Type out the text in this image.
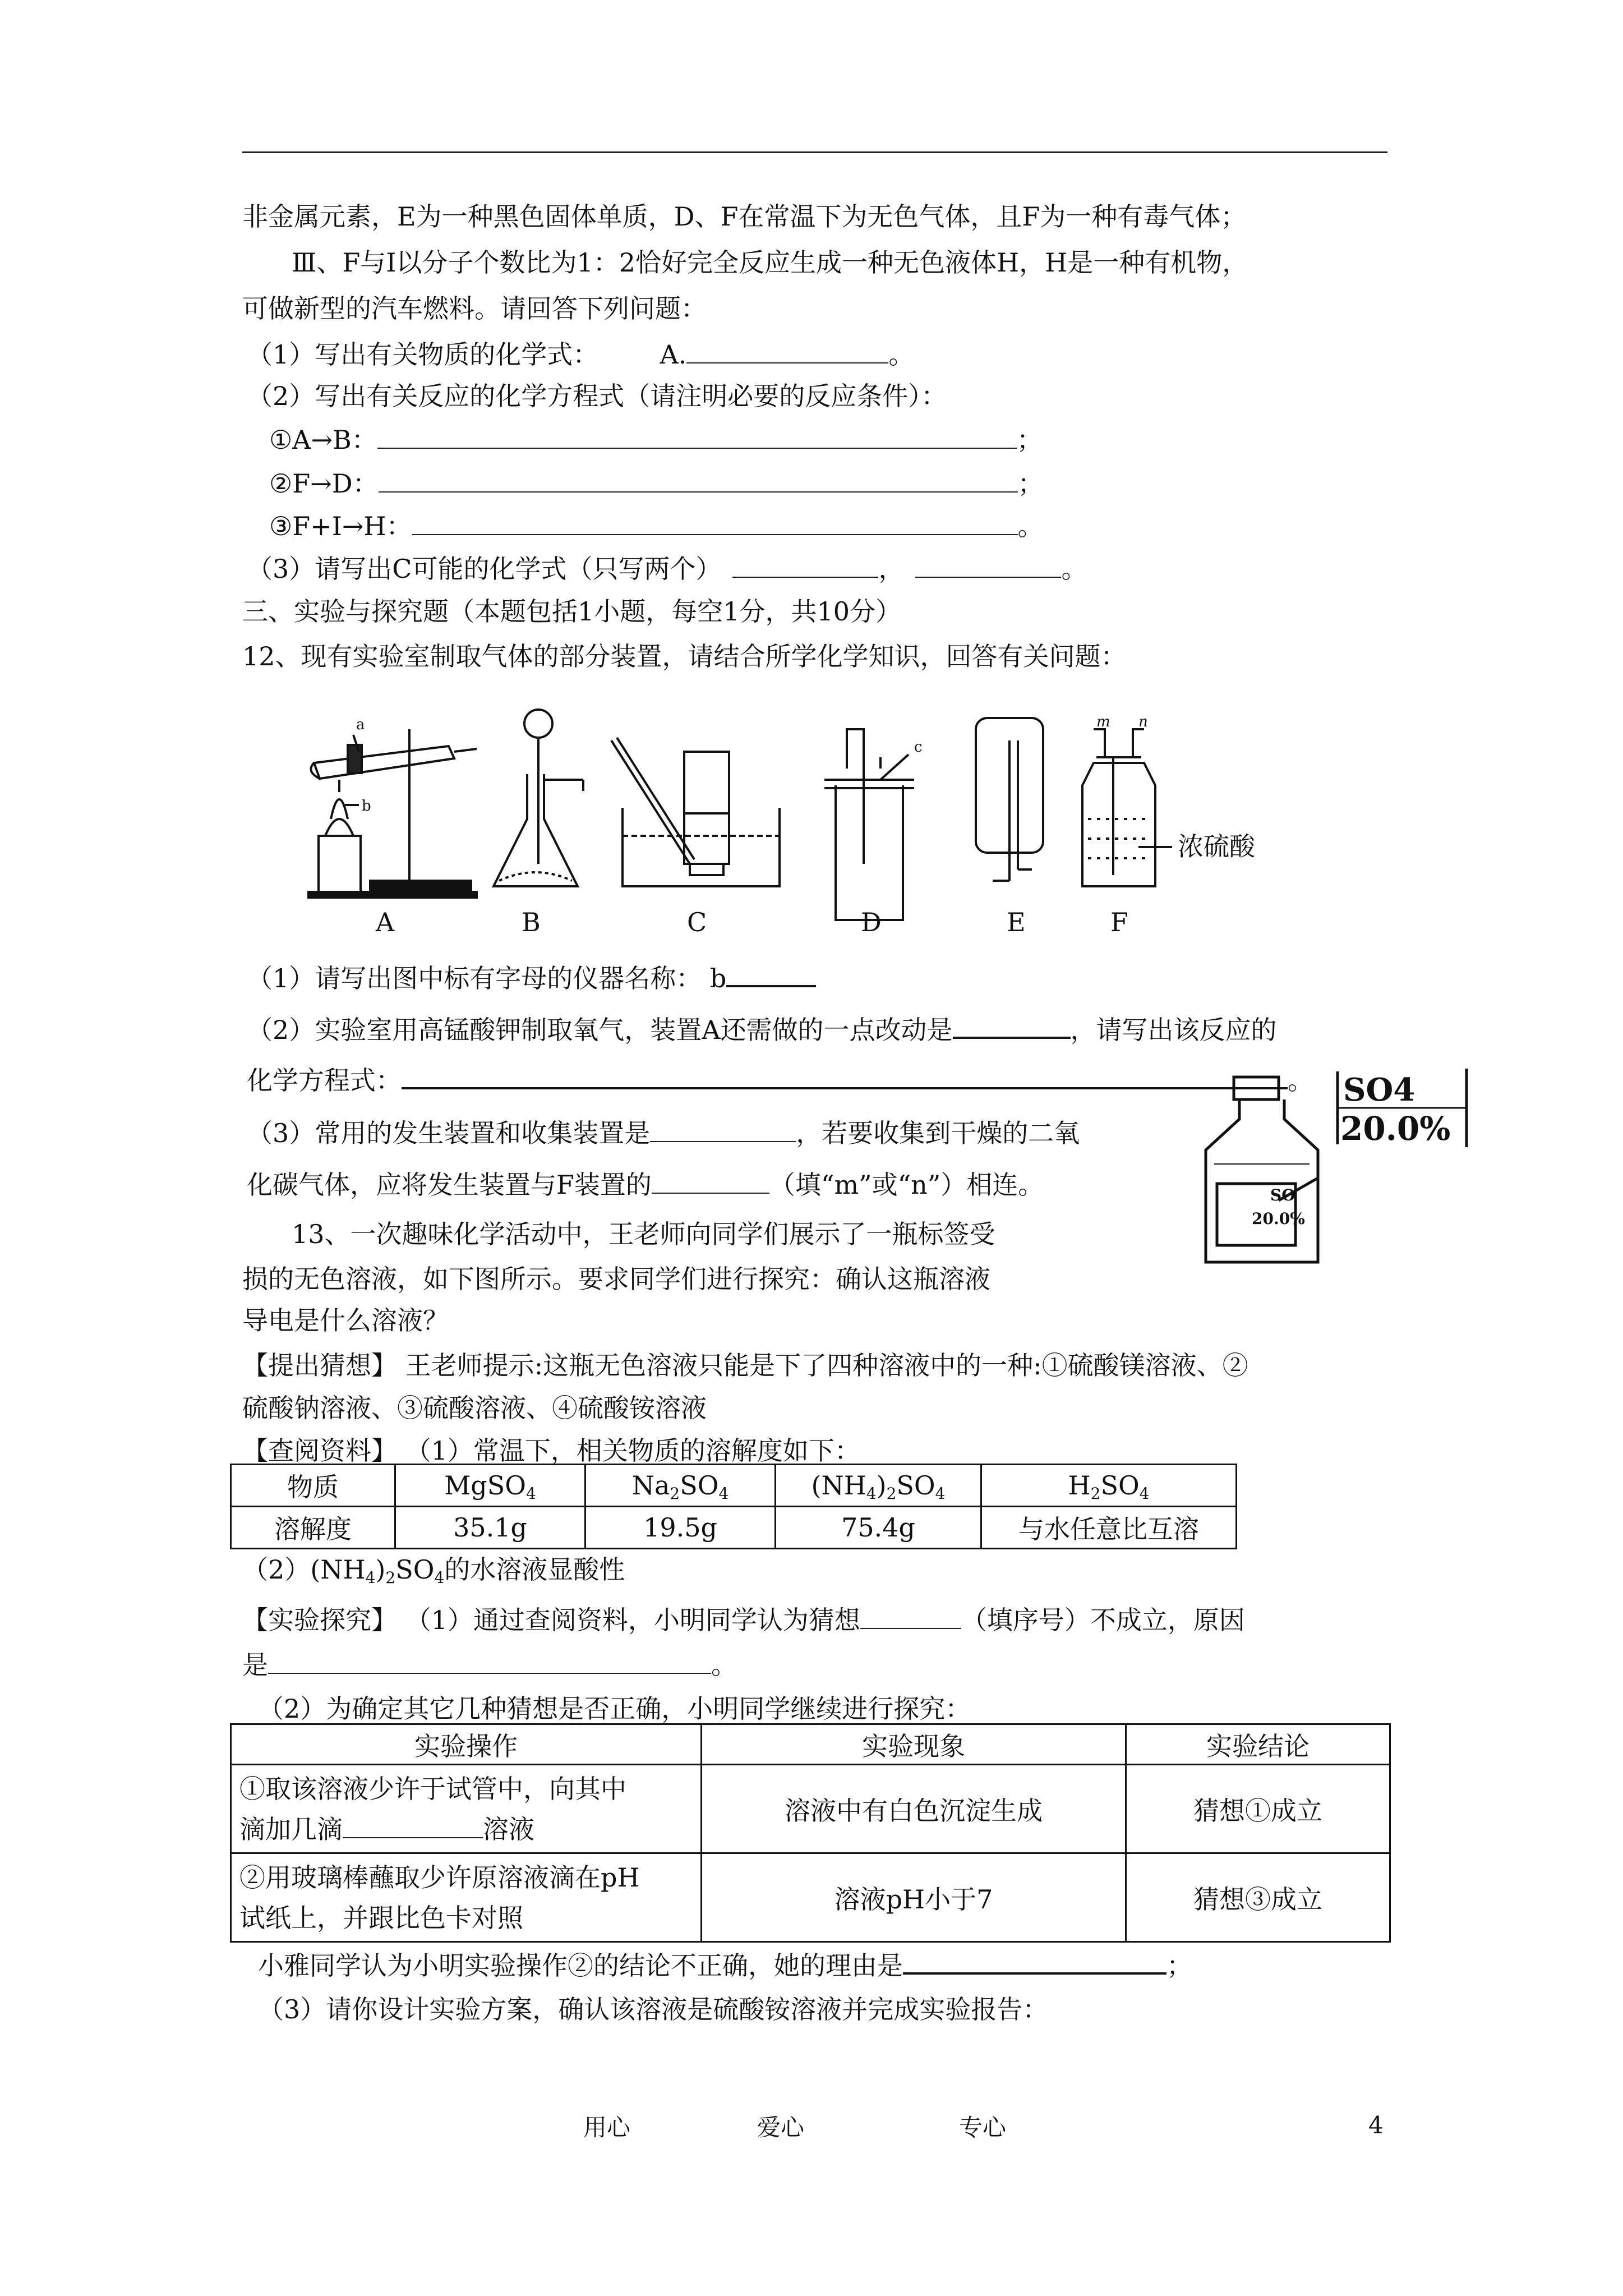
非金属元素，E为一种黑色固体单质，D、F在常温下为无色气体，且F为一种有毒气体；
Ⅲ、F与I以分子个数比为1：2恰好完全反应生成一种无色液体H，H是一种有机物，
可做新型的汽车燃料。请回答下列问题：
（1）写出有关物质的化学式： A.	。
（2）写出有关反应的化学方程式（请注明必要的反应条件）：
①A→B：	；
②F→D：	；
③F+I→H：	。
（3）请写出C可能的化学式（只写两个）	，	。
三、实验与探究题（本题包括1小题，每空1分，共10分）
12、现有实验室制取气体的部分装置，请结合所学化学知识，回答有关问题：
a
b
c
m n
浓硫酸
A	B	C	D	E	F
（1）请写出图中标有字母的仪器名称： b
（2）实验室用高锰酸钾制取氧气，装置A还需做的一点改动是	，请写出该反应的
化学方程式：	。
（3）常用的发生装置和收集装置是	，若要收集到干燥的二氧
化碳气体，应将发生装置与F装置的	（填“m”或“n”）相连。
SO4
20.0%
SO
20.0%
13、一次趣味化学活动中，王老师向同学们展示了一瓶标签受
损的无色溶液，如下图所示。要求同学们进行探究：确认这瓶溶液
导电是什么溶液？
【提出猜想】 王老师提示:这瓶无色溶液只能是下了四种溶液中的一种:①硫酸镁溶液、②
硫酸钠溶液、③硫酸溶液、④硫酸铵溶液
【查阅资料】 （1）常温下，相关物质的溶解度如下：
物质	MgSO$_4$	$Na_2SO_4$	$(NH_4)_2SO_4$	$H_2SO_4$
溶解度	35.1g	19.5g	75.4g	与水任意比互溶
$(2)(NH_4)_2SO_4$的水溶液显酸性
【实验探究】 （1）通过查阅资料，小明同学认为猜想	（填序号）不成立，原因
是	。
（2）为确定其它几种猜想是否正确，小明同学继续进行探究：
实验操作	实验现象	实验结论

①取该溶液少许于试管中，向其中
滴加几滴 溶液	溶液中有白色沉淀生成	猜想①成立

②用玻璃棒蘸取少许原溶液滴在pH
试纸上，并跟比色卡对照	溶液pH小于7	猜想③成立
小雅同学认为小明实验操作②的结论不正确，她的理由是	；
（3）请你设计实验方案，确认该溶液是硫酸铵溶液并完成实验报告：
用心	爱心	专心	4
